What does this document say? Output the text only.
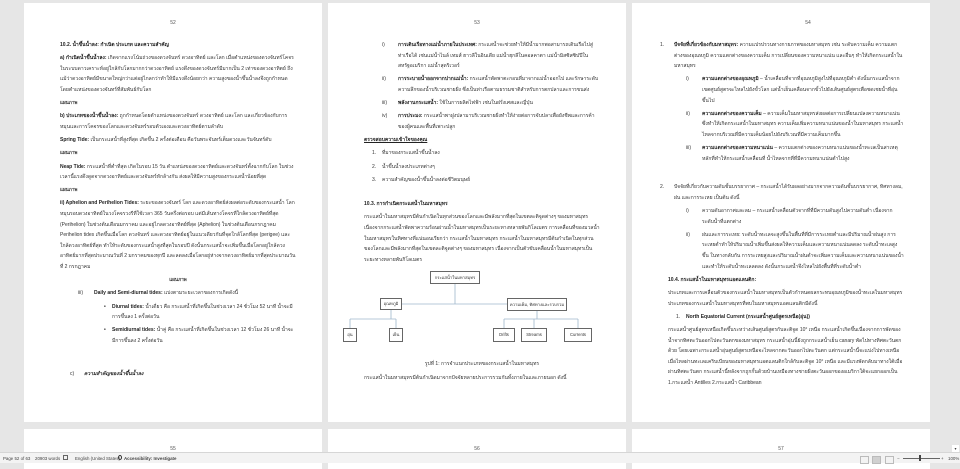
52
10.2. น้ำขึ้นน้ำลง: กำเนิด ประเภท และความสำคัญ
a) กำเนิดน้ำขึ้นน้ำลง: เกิดจากแรงโน้มถ่วงของดวงจันทร์ ดวงอาทิตย์ และโลก เมื่อตำแหน่งของดวงจันทร์โคจรในระบบดาวเคราะห์อยู่ใกล้กับโลกมากกว่าดวงอาทิตย์ แรงดึงของดวงจันทร์มีมากเป็น 2 เท่าของดวงอาทิตย์ ถึงแม้ว่าดวงอาทิตย์มีขนาดใหญ่กว่าแต่อยู่ไกลกว่าทำให้มีแรงดึงน้อยกว่า ความสูงของน้ำขึ้นน้ำลงจึงถูกกำหนดโดยตำแหน่งของดวงจันทร์ที่สัมพันธ์กับโลก
แผนภาพ
b) ประเภทของน้ำขึ้นน้ำลง: ถูกกำหนดโดยตำแหน่งของดวงจันทร์ ดวงอาทิตย์ และโลก และเกี่ยวข้องกับการหมุนและการโคจรของโลกและดวงจันทร์รอบตัวเองและดวงอาทิตย์ตามลำดับ
Spring Tide: เป็นกระแสน้ำที่สูงที่สุด เกิดขึ้น 2 ครั้งต่อเดือน คือวันพระจันทร์เต็มดวงและวันจันทร์ดับ
แผนภาพ
Neap Tide: กระแสน้ำที่ต่ำที่สุด เกิดในรอบ 15 วัน ตำแหน่งของดวงอาทิตย์และดวงจันทร์ตั้งฉากกับโลก ในช่วงเวลานี้แรงดึงดูดจากดวงอาทิตย์และดวงจันทร์หักล้างกัน ส่งผลให้มีความสูงของกระแสน้ำน้อยที่สุด
แผนภาพ
ii) Aphelion and Perihelion Tides: ระยะของดวงจันทร์ โลก และดวงอาทิตย์ส่งผลต่อระดับของกระแสน้ำ โลกหมุนรอบดวงอาทิตย์ในวงโคจรวงรีที่ใช้เวลา 365 วันครึ่งต่อรอบ แต่มีเส้นทางโคจรที่ใกล้ดวงอาทิตย์ที่สุด (Perihelion) ในช่วงต้นเดือนมกราคม และอยู่ไกลดวงอาทิตย์ที่สุด (Aphelion) ในช่วงต้นเดือนกรกฎาคม Perihelion tides เกิดขึ้นเมื่อโลก ดวงจันทร์ และดวงอาทิตย์อยู่ในแนวเดียวกันที่จุดใกล้โลกที่สุด (perigee) และใกล้ดวงอาทิตย์ที่สุด ทำให้ระดับของกระแสน้ำสูงที่สุดในรอบปี ดังนั้นกระแสน้ำจะเพิ่มขึ้นเมื่อโลกอยู่ใกล้ดวงอาทิตย์มากที่สุดประมาณวันที่ 2 มกราคมของทุกปี และลดลงเมื่อโลกอยู่ห่างจากดวงอาทิตย์มากที่สุดประมาณวันที่ 2 กรกฎาคม
แผนภาพ
iii) Daily and Semi-diurnal tides: แบ่งตามระยะเวลาของการเกิดดังนี้
• Diurnal tides: น้ำเดี่ยว คือ กระแสน้ำที่เกิดขึ้นในช่วงเวลา 24 ชั่วโมง 52 นาที น้ำจะมีการขึ้นลง 1 ครั้งต่อวัน
• Semidiurnal tides: น้ำคู่ คือ กระแสน้ำที่เกิดขึ้นในช่วงเวลา 12 ชั่วโมง 26 นาที น้ำจะมีการขึ้นลง 2 ครั้งต่อวัน
c) ความสำคัญของน้ำขึ้นน้ำลง
53
i)	การเดินเรือทางแม่น้ำภายในประเทศ: กระแสน้ำจะช่วยทำให้มีน้ำมากพอสามารถเดินเรือไปสู่ท่าเรือได้ เช่นแม่น้ำไนล์ เทมส์ ฮาวลีในอินเดีย แม่น้ำฮุกลีในคอลคาตา แม่น้ำมิสซิสซิปปีในสหรัฐอเมริกา แม่น้ำสุดริเวอร์
ii) การระบายน้ำออกจากปากแม่น้ำ: กระแสน้ำพัดพาตะกอนที่มาจากแม่น้ำออกไป และรักษาระดับความลึกของน้ำบริเวณชายฝั่ง ซึ่งเป็นท่าเรือตามธรรมชาติสำหรับการตกปลาและการขนส่ง
iii) พลังงานกระแสน้ำ: ใช้ในการผลิตไฟฟ้า เช่นในฝรั่งเศสและญี่ปุ่น
iv) การประมง: กระแสน้ำพาฝูงปลามาบริเวณชายฝั่งทำให้ง่ายต่อการจับปลาเพื่อยังชีพและการค้าของผู้คนและพื้นที่เพาะปลูก
ตรวจสอบความเข้าใจของคุณ
1. ที่มาของกระแสน้ำขึ้นน้ำลง
2. น้ำขึ้นน้ำลงประเภทต่างๆ
3. ความสำคัญของน้ำขึ้นน้ำลงต่อชีวิตมนุษย์
10.3. การกำเนิดกระแสน้ำในมหาสมุทร
กระแสน้ำในมหาสมุทรมีต้นกำเนิดในทุกส่วนของโลกและมีพลังมากที่สุดในเขตละติจูดต่างๆ ของมหาสมุทร เนื่องจากกระแสน้ำพัดพาความร้อนผ่านน้ำในมหาสมุทรเป็นระยะทางหลายพันกิโลเมตร การเคลื่อนที่ของมวลน้ำในมหาสมุทรในทิศทางที่แน่นอนเรียกว่า กระแสน้ำในมหาสมุทร กระแสน้ำในมหาสมุทรมีต้นกำเนิดในทุกส่วนของโลกและมีพลังมากที่สุดในเขตละติจูดต่างๆ ของมหาสมุทร เนื่องจากเป็นตัวขับเคลื่อนน้ำในมหาสมุทรเป็นระยะทางหลายพันกิโลเมตร
กระแสน้ำในมหาสมุทร
อุณหภูมิ	ความเค็ม, ทิศทางและรวบรวม
อุ่น	เย็น	Drifts	Streams	Currents
รูปที่ 1: การจำแนกประเภทของกระแสน้ำในมหาสมุทร
กระแสน้ำในมหาสมุทรมีต้นกำเนิดมาจากปัจจัยหลายประการรวมกันทั้งภายในและภายนอก ดังนี้
54
1. ปัจจัยที่เกี่ยวข้องกับมหาสมุทร: ความแปรปรวนทางกายภาพของมหาสมุทร เช่น ระดับความเค็ม ความแตกต่างของอุณหภูมิ ความแตกต่างของความเค็ม การเปลี่ยนของความหนาแน่น และอื่นๆ ทำให้เกิดกระแสน้ำในมหาสมุทร
i)	ความแตกต่างของอุณหภูมิ – น้ำเคลื่อนที่จากที่อุณหภูมิสูงไปที่อุณหภูมิต่ำ ดังนั้นกระแสน้ำจากเขตศูนย์สูตรจะไหลไปยังขั้วโลก แต่น้ำเย็นเคลื่อนจากขั้วไปยังเส้นศูนย์สูตรเพื่อชดเชยน้ำที่อุ่นขึ้นไป
ii) ความแตกต่างของความเค็ม – ความเค็มในมหาสมุทรส่งผลต่อการเปลี่ยนแปลงความหนาแน่นซึ่งทำให้เกิดกระแสน้ำในมหาสมุทร ความเค็มเพิ่มความหนาแน่นของน้ำในมหาสมุทร กระแสน้ำไหลจากบริเวณที่มีความเค็มน้อยไปยังบริเวณที่มีความเค็มมากขึ้น
iii) ความแตกต่างของความหนาแน่น – ความแตกต่างของความหนาแน่นของน้ำทะเลเป็นสาเหตุหลักที่ทำให้กระแสน้ำเคลื่อนที่ น้ำไหลจากที่ที่มีความหนาแน่นต่ำไปสูง
2. ปัจจัยที่เกี่ยวกับความดันชั้นบรรยากาศ – กระแสน้ำได้รับผลอย่างมากจากความดันชั้นบรรยากาศ, ทิศทางลม, ฝน และการระเหย เป็นต้น ดังนี้
i)	ความดันอากาศและลม – กระแสน้ำเคลื่อนตัวจากที่ที่มีความดันสูงไปความดันต่ำ เนื่องจากระดับน้ำที่แตกต่าง
ii) ฝนและการระเหย: ระดับน้ำทะเลจะสูงขึ้นในพื้นที่ที่มีการระเหยต่ำและมีปริมาณน้ำฝนสูง การระเหยต่ำทำให้ปริมาณน้ำเพิ่มขึ้นส่งผลให้ความเค็มและความหนาแน่นลดลง ระดับน้ำทะเลสูงขึ้น ในทางกลับกัน การระเหยสูงและปริมาณน้ำฝนต่ำจะเพิ่มความเค็มและความหนาแน่นของน้ำ และทำให้ระดับน้ำทะเลลดลง ดังนั้นกระแสน้ำจึงไหลไปยังพื้นที่ที่ระดับน้ำต่ำ
10.4. กระแสน้ำในมหาสมุทรแอตแลนติก:
ประเภทและการเคลื่อนตัวของกระแสน้ำในมหาสมุทรเป็นตัวกำหนดผลกระทบอุณหภูมิของน้ำทะเลในมหาสมุทร ประเภทของกระแสน้ำในมหาสมุทรที่พบในมหาสมุทรแอตแลนติกมีดังนี้
1. North Equatorial Current (กระแสน้ำศูนย์สูตรเหนือ(อุ่น))
กระแสน้ำศูนย์สูตรเหนือเกิดขึ้นระหว่างเส้นศูนย์สูตรกับละติจูด 10° เหนือ กระแสน้ำเกิดขึ้นเนื่องจากการพัดของน้ำจากทิศตะวันออกไปตะวันตกของมหาสมุทร กระแสน้ำอุ่นนี้ยังถูกกระแสน้ำเย็น canary พัดไปทางทิศตะวันตกด้วย โดยเฉพาะกระแสน้ำอุ่นศูนย์สูตรเหนือจะไหลจากตะวันออกไปตะวันตก แต่กระแสน้ำนี้จะแบ่งไปทางเหนือเมื่อไหลผ่านทะเลแคริบเบียนของมหาสมุทรแอตแลนติกใกล้กับละติจูด 10° เหนือ และมีแรงพัดกลับมาทางใต้เมื่อผ่านทิศตะวันตก กระแสน้ำนี้หลังจากถูกกั้นด้วยบ้านเหมืองทางชายฝั่งตะวันออกของอเมริกาใต้จะแยกออกเป็น 1.กระแสน้ำ Antilles 2.กระแสน้ำ Caribbean
55	56	57	▾
Page 52 of 63 20903 words	English (United States) Accessibility: Investigate	−	+ 100%
